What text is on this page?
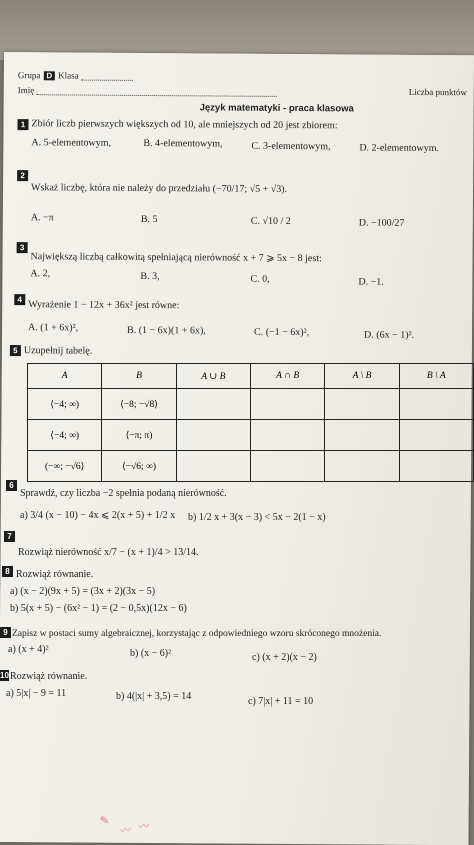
Grupa D Klasa
Imię	Liczba punktów
Język matematyki - praca klasowa
1 Zbiór liczb pierwszych większych od 10, ale mniejszych od 20 jest zbiorem:
A. 5-elementowym,	B. 4-elementowym,	C. 3-elementowym,	D. 2-elementowym.
2
Wskaż liczbę, która nie należy do przedziału (−70/17; √5 + √3).
A. −π	B. 5	C. √10 / 2	D. −100/27
3
Największą liczbą całkowitą spełniającą nierówność x + 7 ⩾ 5x − 8 jest:
A. 2,	B. 3,	C. 0,	D. −1.
4 Wyrażenie 1 − 12x + 36x² jest równe:
A. (1 + 6x)²,	B. (1 − 6x)(1 + 6x),	C. (−1 − 6x)²,	D. (6x − 1)².
5 Uzupełnij tabelę.
A	B	A ∪ B	A ∩ B	A \ B	B \ A
⟨−4; ∞)	⟨−8; −√8⟩				
⟨−4; ∞)	⟨−π; π)				
(−∞; −√6⟩	⟨−√6; ∞)				
6
Sprawdź, czy liczba −2 spełnia podaną nierówność.
a) 3/4 (x − 10) − 4x ⩽ 2(x + 5) + 1/2 x b) 1/2 x + 3(x − 3) < 5x − 2(1 − x)
7
Rozwiąż nierówność x/7 − (x + 1)/4 > 13/14.
8 Rozwiąż równanie.
a) (x − 2)(9x + 5) = (3x + 2)(3x − 5)
b) 5(x + 5) − (6x² − 1) = (2 − 0,5x)(12x − 6)
9 Zapisz w postaci sumy algebraicznej, korzystając z odpowiedniego wzoru skróconego mnożenia.
a) (x + 4)²	b) (x − 6)²	c) (x + 2)(x − 2)
10 Rozwiąż równanie.
a) 5|x| − 9 = 11	b) 4(|x| + 3,5) = 14	c) 7|x| + 11 = 10
✎
〰 〰
